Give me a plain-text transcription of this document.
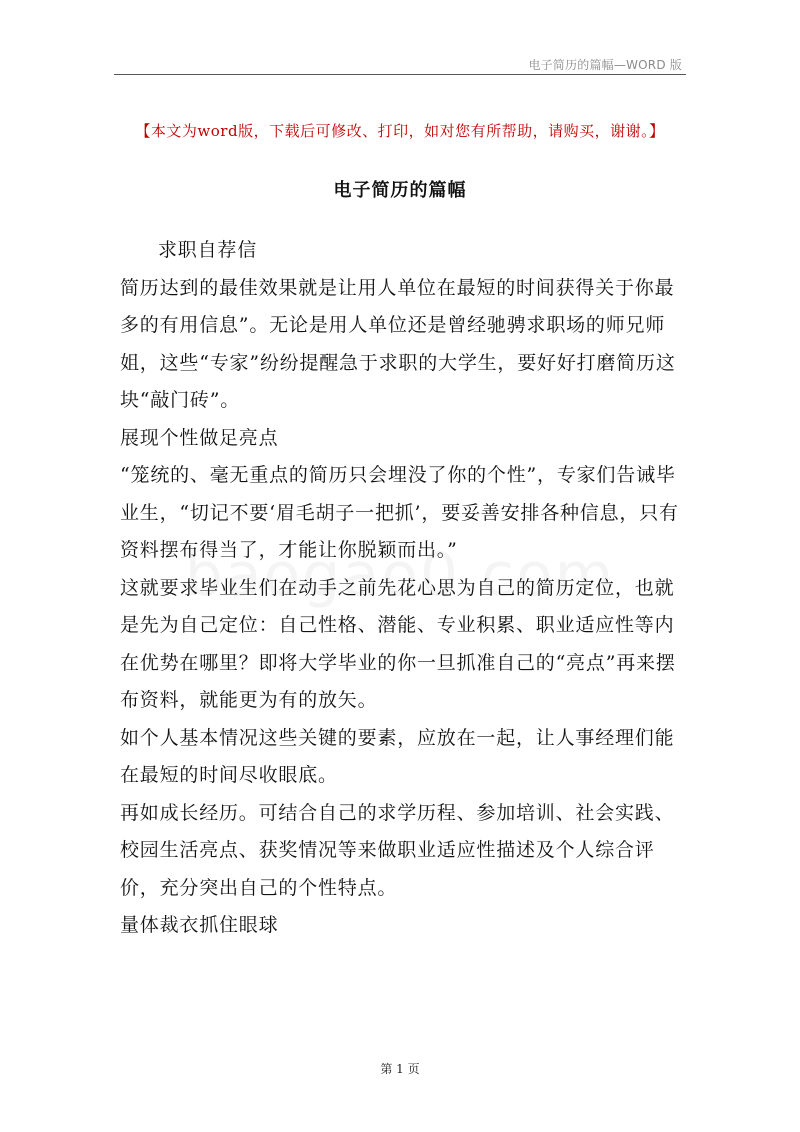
电子简历的篇幅—WORD 版
【本文为word版，下载后可修改、打印，如对您有所帮助，请购买，谢谢。】
电子简历的篇幅

求职自荐信

简历达到的最佳效果就是让用人单位在最短的时间获得关于你最多的有用信息”。无论是用人单位还是曾经驰骋求职场的师兄师姐，这些“专家”纷纷提醒急于求职的大学生，要好好打磨简历这块“敲门砖”。

展现个性做足亮点

“笼统的、毫无重点的简历只会埋没了你的个性”，专家们告诫毕业生，“切记不要‘眉毛胡子一把抓’，要妥善安排各种信息，只有资料摆布得当了，才能让你脱颖而出。”

这就要求毕业生们在动手之前先花心思为自己的简历定位，也就是先为自己定位：自己性格、潜能、专业积累、职业适应性等内在优势在哪里？即将大学毕业的你一旦抓准自己的“亮点”再来摆布资料，就能更为有的放矢。

如个人基本情况这些关键的要素，应放在一起，让人事经理们能在最短的时间尽收眼底。

再如成长经历。可结合自己的求学历程、参加培训、社会实践、校园生活亮点、获奖情况等来做职业适应性描述及个人综合评价，充分突出自己的个性特点。

量体裁衣抓住眼球

第 1 页
